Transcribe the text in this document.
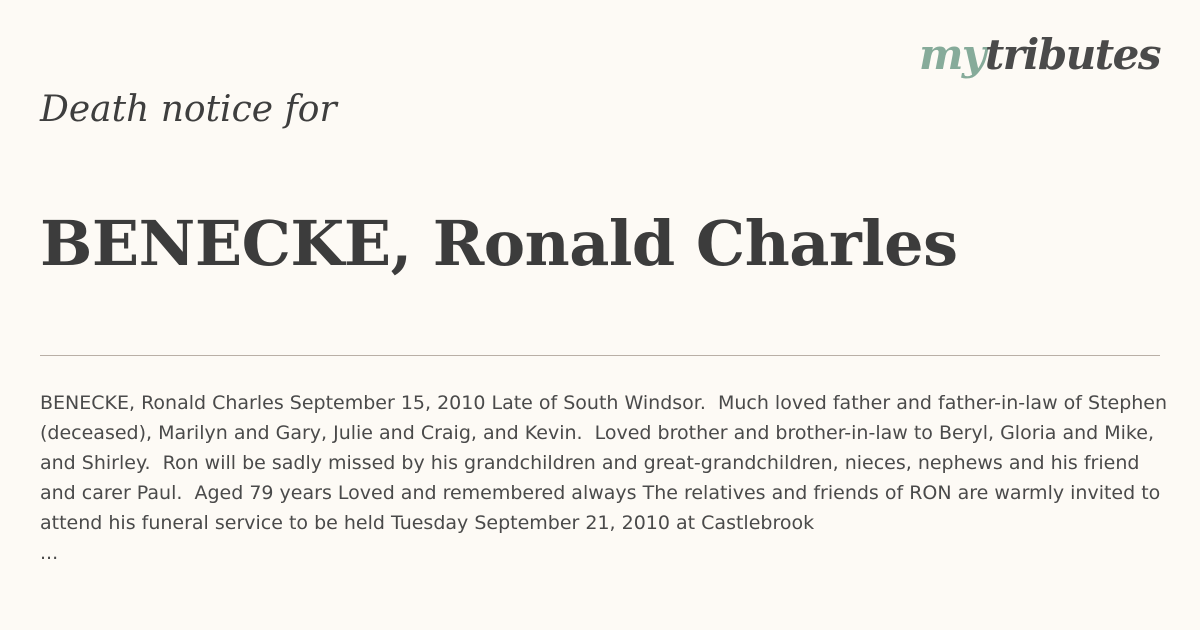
mytributes
Death notice for
BENECKE, Ronald Charles

BENECKE, Ronald Charles September 15, 2010 Late of South Windsor.  Much loved father and father-in-law of Stephen (deceased), Marilyn and Gary, Julie and Craig, and Kevin.  Loved brother and brother-in-law to Beryl, Gloria and Mike, and Shirley.  Ron will be sadly missed by his grandchildren and great-grandchildren, nieces, nephews and his friend and carer Paul.  Aged 79 years Loved and remembered always The relatives and friends of RON are warmly invited to attend his funeral service to be held Tuesday September 21, 2010 at Castlebrook

...
